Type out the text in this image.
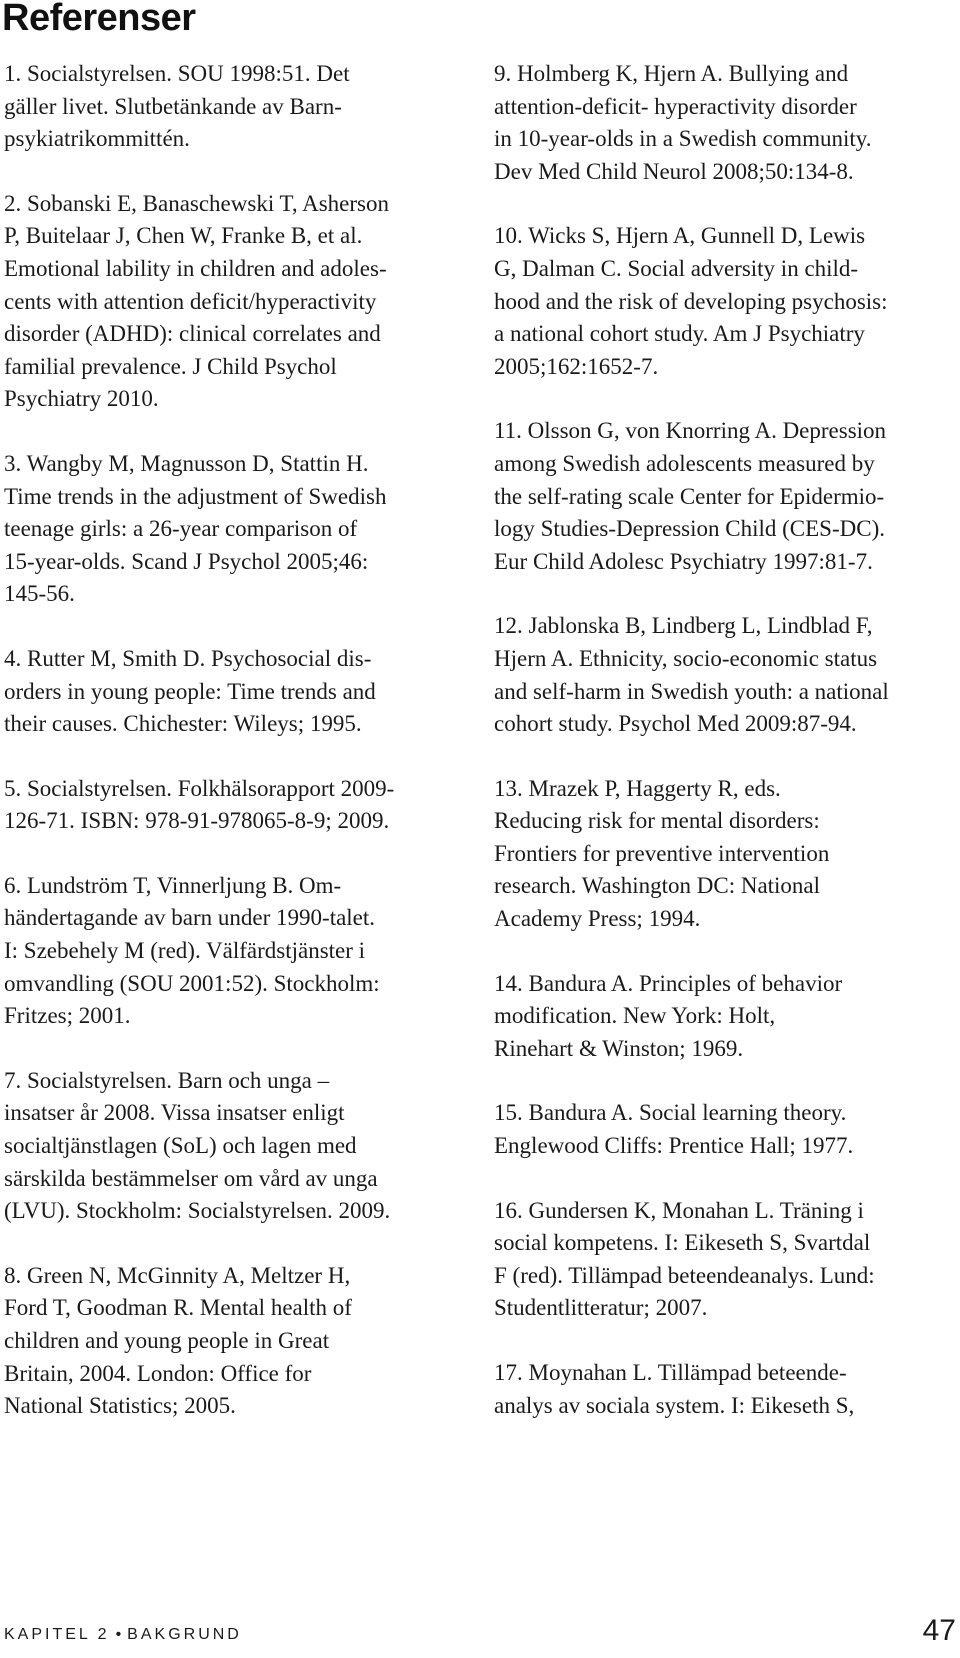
Referenser
1. Socialstyrelsen. SOU 1998:51. Det
gäller livet. Slutbetänkande av Barn-
psykiatrikommittén.
2. Sobanski E, Banaschewski T, Asherson
P, Buitelaar J, Chen W, Franke B, et al.
Emotional lability in children and adoles-
cents with attention deficit/hyperactivity
disorder (ADHD): clinical correlates and
familial prevalence. J Child Psychol
Psychiatry 2010.
3. Wangby M, Magnusson D, Stattin H.
Time trends in the adjustment of Swedish
teenage girls: a 26-year comparison of
15-year-olds. Scand J Psychol 2005;46:
145-56.
4. Rutter M, Smith D. Psychosocial dis-
orders in young people: Time trends and
their causes. Chichester: Wileys; 1995.
5. Socialstyrelsen. Folkhälsorapport 2009-
126-71. ISBN: 978-91-978065-8-9; 2009.
6. Lundström T, Vinnerljung B. Om-
händertagande av barn under 1990-talet.
I: Szebehely M (red). Välfärdstjänster i
omvandling (SOU 2001:52). Stockholm:
Fritzes; 2001.
7. Socialstyrelsen. Barn och unga –
insatser år 2008. Vissa insatser enligt
socialtjänstlagen (SoL) och lagen med
särskilda bestämmelser om vård av unga
(LVU). Stockholm: Socialstyrelsen. 2009.
8. Green N, McGinnity A, Meltzer H,
Ford T, Goodman R. Mental health of
children and young people in Great
Britain, 2004. London: Office for
National Statistics; 2005.
9. Holmberg K, Hjern A. Bullying and
attention-deficit- hyperactivity disorder
in 10-year-olds in a Swedish community.
Dev Med Child Neurol 2008;50:134-8.
10. Wicks S, Hjern A, Gunnell D, Lewis
G, Dalman C. Social adversity in child-
hood and the risk of developing psychosis:
a national cohort study. Am J Psychiatry
2005;162:1652-7.
11. Olsson G, von Knorring A. Depression
among Swedish adolescents measured by
the self-rating scale Center for Epidermio-
logy Studies-Depression Child (CES-DC).
Eur Child Adolesc Psychiatry 1997:81-7.
12. Jablonska B, Lindberg L, Lindblad F,
Hjern A. Ethnicity, socio-economic status
and self-harm in Swedish youth: a national
cohort study. Psychol Med 2009:87-94.
13. Mrazek P, Haggerty R, eds.
Reducing risk for mental disorders:
Frontiers for preventive intervention
research. Washington DC: National
Academy Press; 1994.
14. Bandura A. Principles of behavior
modification. New York: Holt,
Rinehart & Winston; 1969.
15. Bandura A. Social learning theory.
Englewood Cliffs: Prentice Hall; 1977.
16. Gundersen K, Monahan L. Träning i
social kompetens. I: Eikeseth S, Svartdal
F (red). Tillämpad beteendeanalys. Lund:
Studentlitteratur; 2007.
17. Moynahan L. Tillämpad beteende-
analys av sociala system. I: Eikeseth S,
KAPITEL 2 • BAKGRUND	47
